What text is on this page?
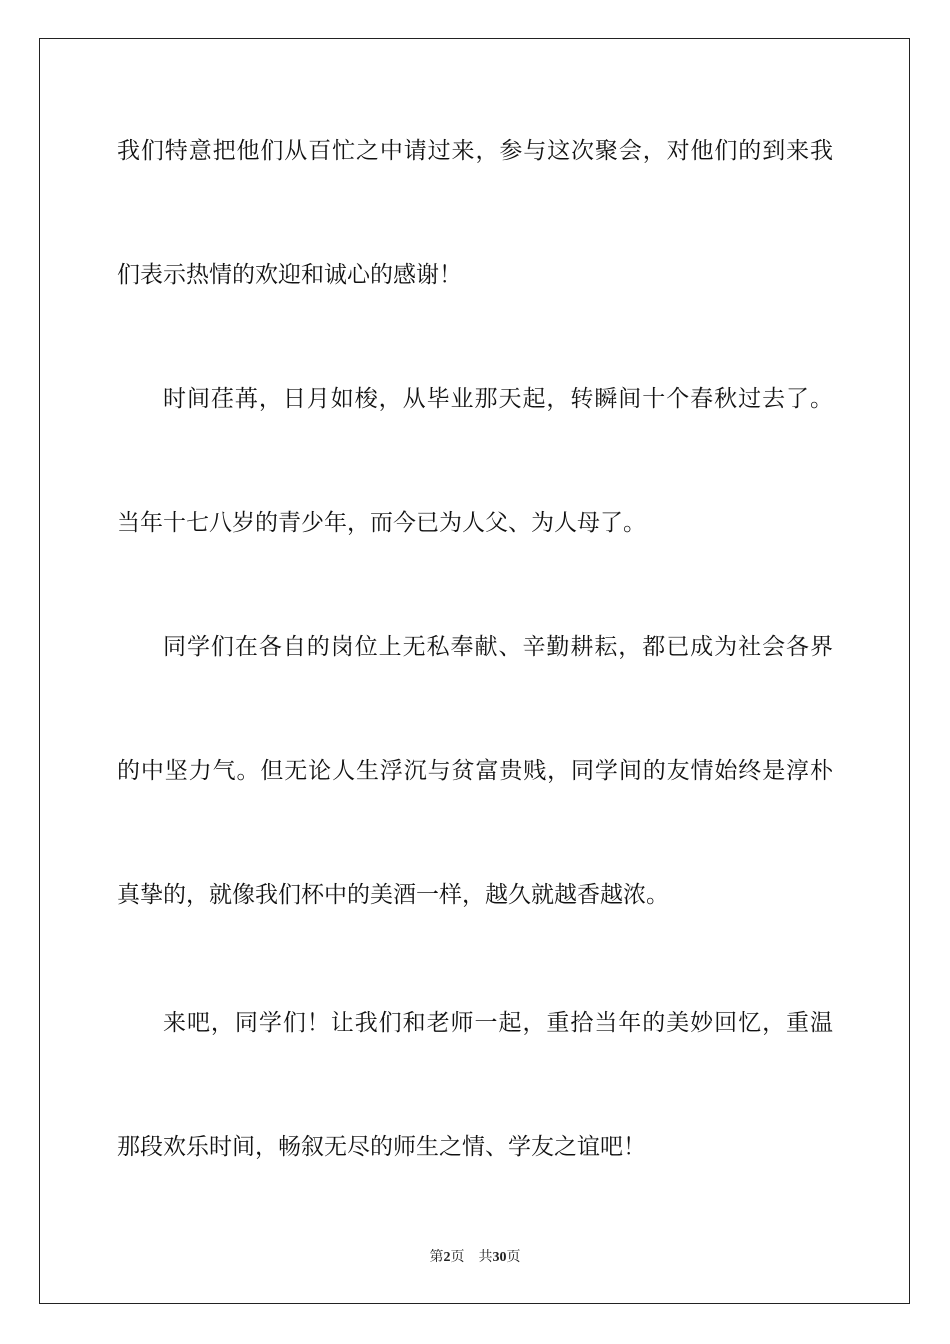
我们特意把他们从百忙之中请过来，参与这次聚会，对他们的到来我

们表示热情的欢迎和诚心的感谢！

时间荏苒，日月如梭，从毕业那天起，转瞬间十个春秋过去了。

当年十七八岁的青少年，而今已为人父、为人母了。

同学们在各自的岗位上无私奉献、辛勤耕耘，都已成为社会各界

的中坚力气。但无论人生浮沉与贫富贵贱，同学间的友情始终是淳朴

真挚的，就像我们杯中的美酒一样，越久就越香越浓。

来吧，同学们！让我们和老师一起，重拾当年的美妙回忆，重温

那段欢乐时间，畅叙无尽的师生之情、学友之谊吧！

第2页 共30页
